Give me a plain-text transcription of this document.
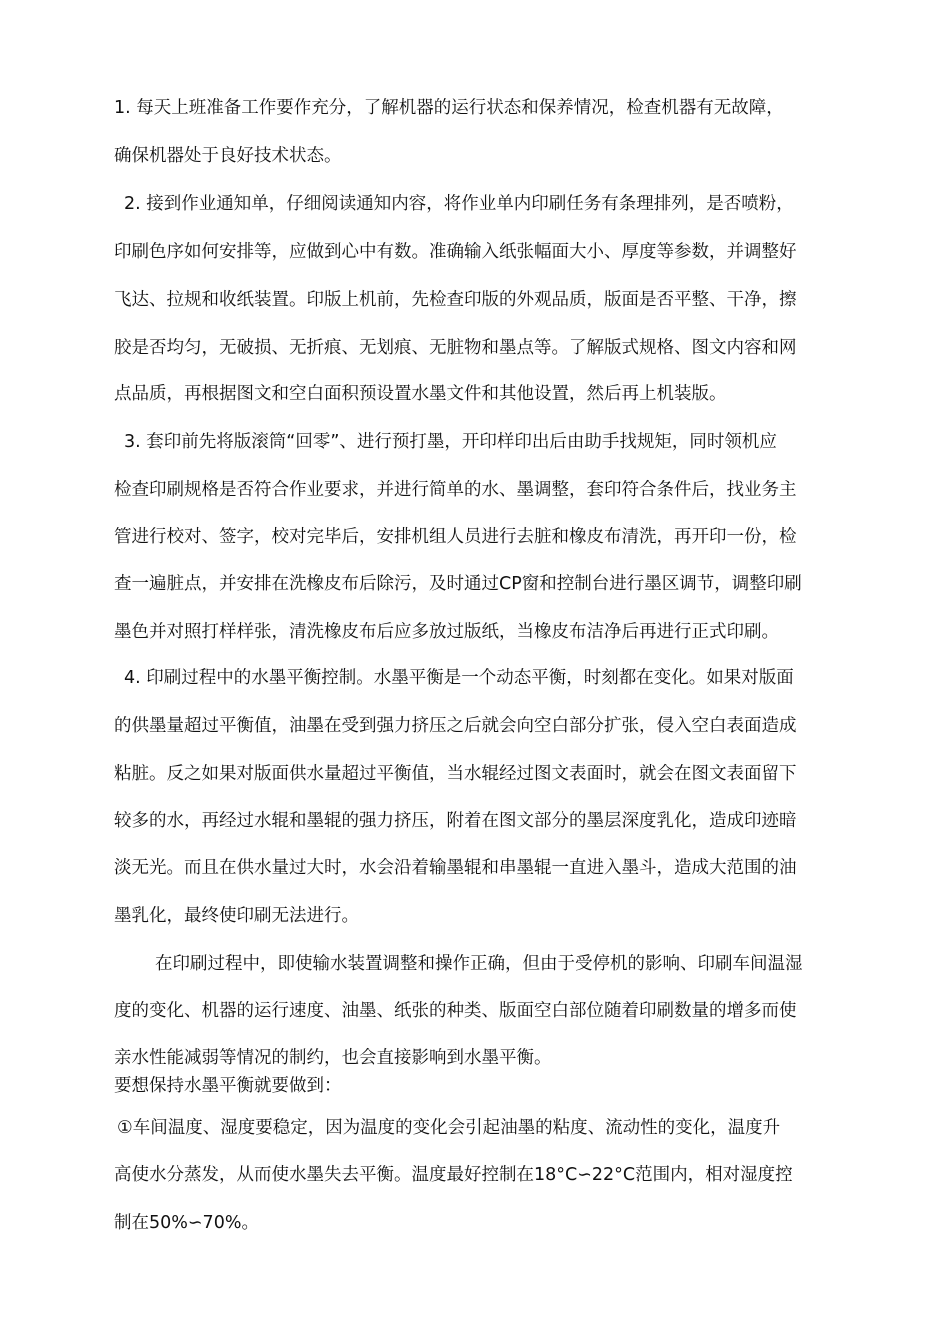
1. 每天上班准备工作要作充分，了解机器的运行状态和保养情况，检查机器有无故障，
确保机器处于良好技术状态。
2. 接到作业通知单，仔细阅读通知内容，将作业单内印刷任务有条理排列，是否喷粉，
印刷色序如何安排等，应做到心中有数。准确输入纸张幅面大小、厚度等参数，并调整好
飞达、拉规和收纸装置。印版上机前，先检查印版的外观品质，版面是否平整、干净，擦
胶是否均匀，无破损、无折痕、无划痕、无脏物和墨点等。了解版式规格、图文内容和网
点品质，再根据图文和空白面积预设置水墨文件和其他设置，然后再上机装版。
3. 套印前先将版滚筒“回零”、进行预打墨，开印样印出后由助手找规矩，同时领机应
检查印刷规格是否符合作业要求，并进行简单的水、墨调整，套印符合条件后，找业务主
管进行校对、签字，校对完毕后，安排机组人员进行去脏和橡皮布清洗，再开印一份，检
查一遍脏点，并安排在洗橡皮布后除污，及时通过CP窗和控制台进行墨区调节，调整印刷
墨色并对照打样样张，清洗橡皮布后应多放过版纸，当橡皮布洁净后再进行正式印刷。
4. 印刷过程中的水墨平衡控制。水墨平衡是一个动态平衡，时刻都在变化。如果对版面
的供墨量超过平衡值，油墨在受到强力挤压之后就会向空白部分扩张，侵入空白表面造成
粘脏。反之如果对版面供水量超过平衡值，当水辊经过图文表面时，就会在图文表面留下
较多的水，再经过水辊和墨辊的强力挤压，附着在图文部分的墨层深度乳化，造成印迹暗
淡无光。而且在供水量过大时，水会沿着输墨辊和串墨辊一直进入墨斗，造成大范围的油
墨乳化，最终使印刷无法进行。
在印刷过程中，即使输水装置调整和操作正确，但由于受停机的影响、印刷车间温湿
度的变化、机器的运行速度、油墨、纸张的种类、版面空白部位随着印刷数量的增多而使
亲水性能减弱等情况的制约，也会直接影响到水墨平衡。
要想保持水墨平衡就要做到：
①车间温度、湿度要稳定，因为温度的变化会引起油墨的粘度、流动性的变化，温度升
高使水分蒸发，从而使水墨失去平衡。温度最好控制在18°C∽22°C范围内，相对湿度控
制在50%∽70%。
